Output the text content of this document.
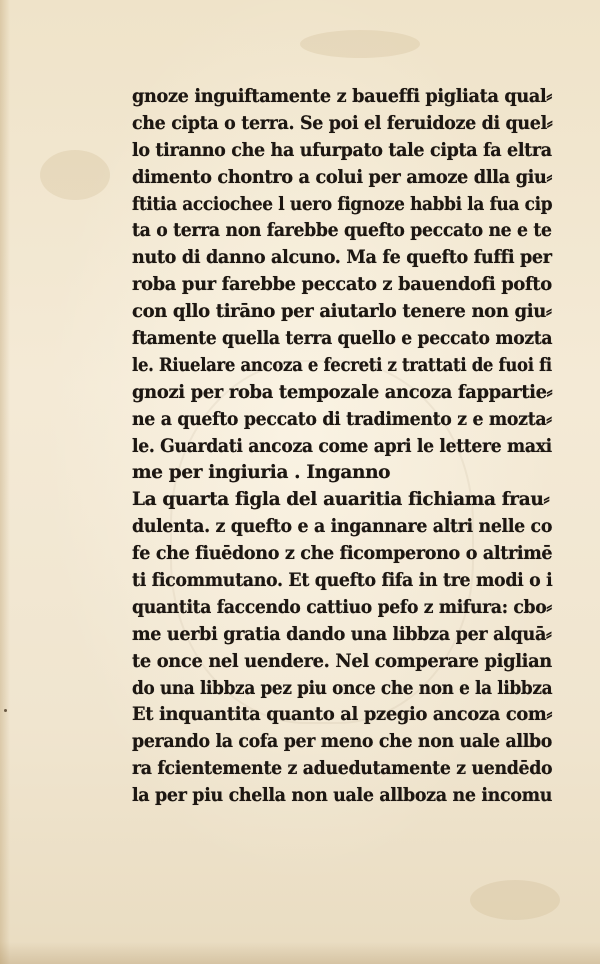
gnoze inguiftamente z baueffi pigliata qual⸗
che cipta o terra. Se poi el feruidoze di quel⸗
lo tiranno che ha ufurpato tale cipta fa eltra
dimento chontro a colui per amoze dlla giu⸗
ftitia acciochee l uero fignoze habbi la fua cip
ta o terra non farebbe quefto peccato ne e te
nuto di danno alcuno. Ma fe quefto fuffi per
roba pur farebbe peccato z bauendofi pofto
con qllo tirāno per aiutarlo tenere non giu⸗
ftamente quella terra quello e peccato moztа
le. Riuelare ancoza e fecreti z trattati de fuoi fi
gnozi per roba tempozale ancoza fappartie⸗
ne a quefto peccato di tradimento z e moztа⸗
le. Guardati ancoza come apri le lettere maxi
me per ingiuria . Inganno
La quarta figla del auaritia fichiama frau⸗
dulenta. z quefto e a ingannare altri nelle co
fe che fiuēdono z che ficomperono o altrimē
ti ficommutano. Et quefto fifa in tre modi o i
quantita faccendo cattiuo pefo z mifura: cbo⸗
me uerbi gratia dando una libbza per alquā⸗
te once nel uendere. Nel comperare piglian
do una libbza pez piu once che non e la libbza
Et inquantita quanto al pzegio ancoza com⸗
perando la cofa per meno che non uale allbo
ra fcientemente z aduedutamente z uendēdo
la per piu chella non uale allboza ne incomu
